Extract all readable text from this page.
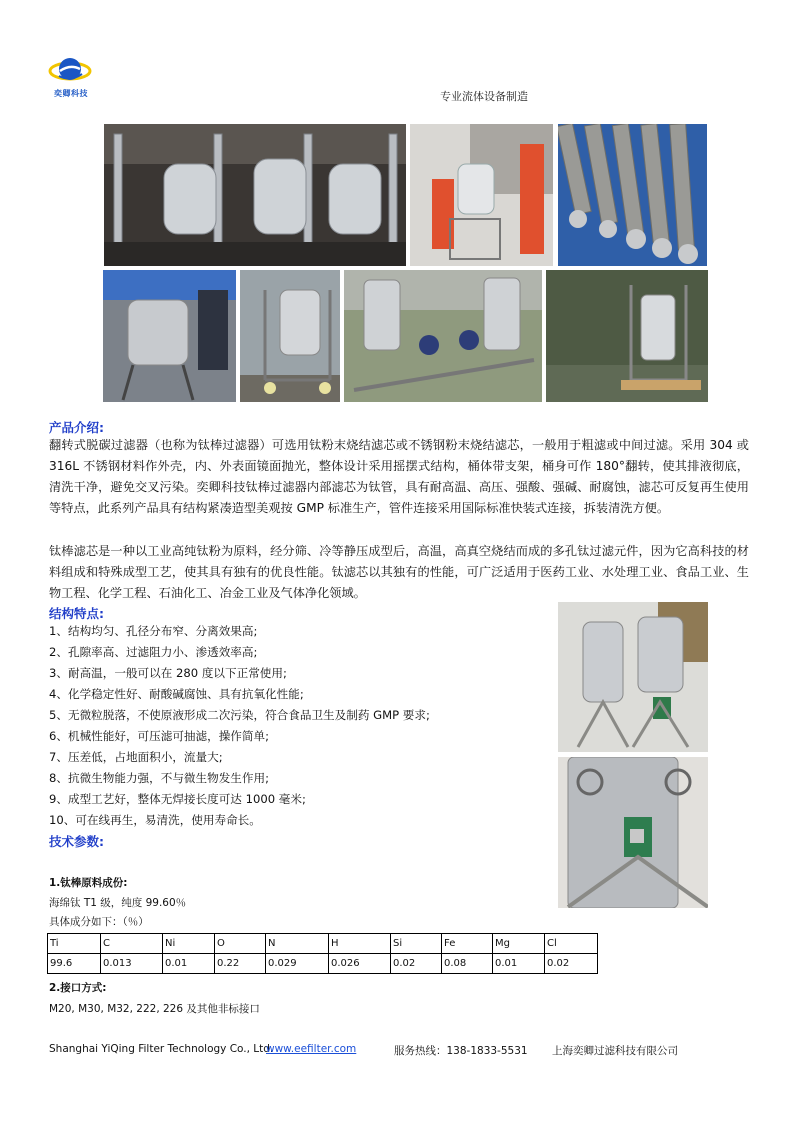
奕卿科技	专业流体设备制造
产品介绍:
翻转式脱碳过滤器（也称为钛棒过滤器）可选用钛粉末烧结滤芯或不锈钢粉末烧结滤芯，一般用于粗滤或中间过滤。采用 304 或 316L 不锈钢材料作外壳，内、外表面镜面抛光，整体设计采用摇摆式结构，桶体带支架，桶身可作 180°翻转，使其排液彻底，清洗干净，避免交叉污染。奕卿科技钛棒过滤器内部滤芯为钛管，具有耐高温、高压、强酸、强碱、耐腐蚀，滤芯可反复再生使用等特点，此系列产品具有结构紧凑造型美观按 GMP 标准生产，管件连接采用国际标准快装式连接，拆装清洗方便。
钛棒滤芯是一种以工业高纯钛粉为原料，经分筛、冷等静压成型后，高温，高真空烧结而成的多孔钛过滤元件，因为它高科技的材料组成和特殊成型工艺，使其具有独有的优良性能。钛滤芯以其独有的性能，可广泛适用于医药工业、水处理工业、食品工业、生物工程、化学工程、石油化工、冶金工业及气体净化领域。
结构特点:
1、结构均匀、孔径分布窄、分离效果高;
2、孔隙率高、过滤阻力小、渗透效率高;
3、耐高温，一般可以在 280 度以下正常使用;
4、化学稳定性好、耐酸碱腐蚀、具有抗氧化性能;
5、无微粒脱落，不使原液形成二次污染，符合食品卫生及制药 GMP 要求;
6、机械性能好，可压滤可抽滤，操作简单;
7、压差低，占地面积小，流量大;
8、抗微生物能力强，不与微生物发生作用;
9、成型工艺好，整体无焊接长度可达 1000 毫米;
10、可在线再生，易清洗，使用寿命长。
技术参数:
1.钛棒原料成份:
海绵钛 T1 级，纯度 99.60％
具体成分如下：（％）
Ti	C	Ni	O	N	H	Si	Fe	Mg	Cl
99.6	0.013	0.01	0.22	0.029	0.026	0.02	0.08	0.01	0.02
2.接口方式:
M20, M30, M32, 222, 226 及其他非标接口
Shanghai YiQing Filter Technology Co., Ltd.
www.eefilter.com	服务热线：138-1833-5531 上海奕卿过滤科技有限公司
